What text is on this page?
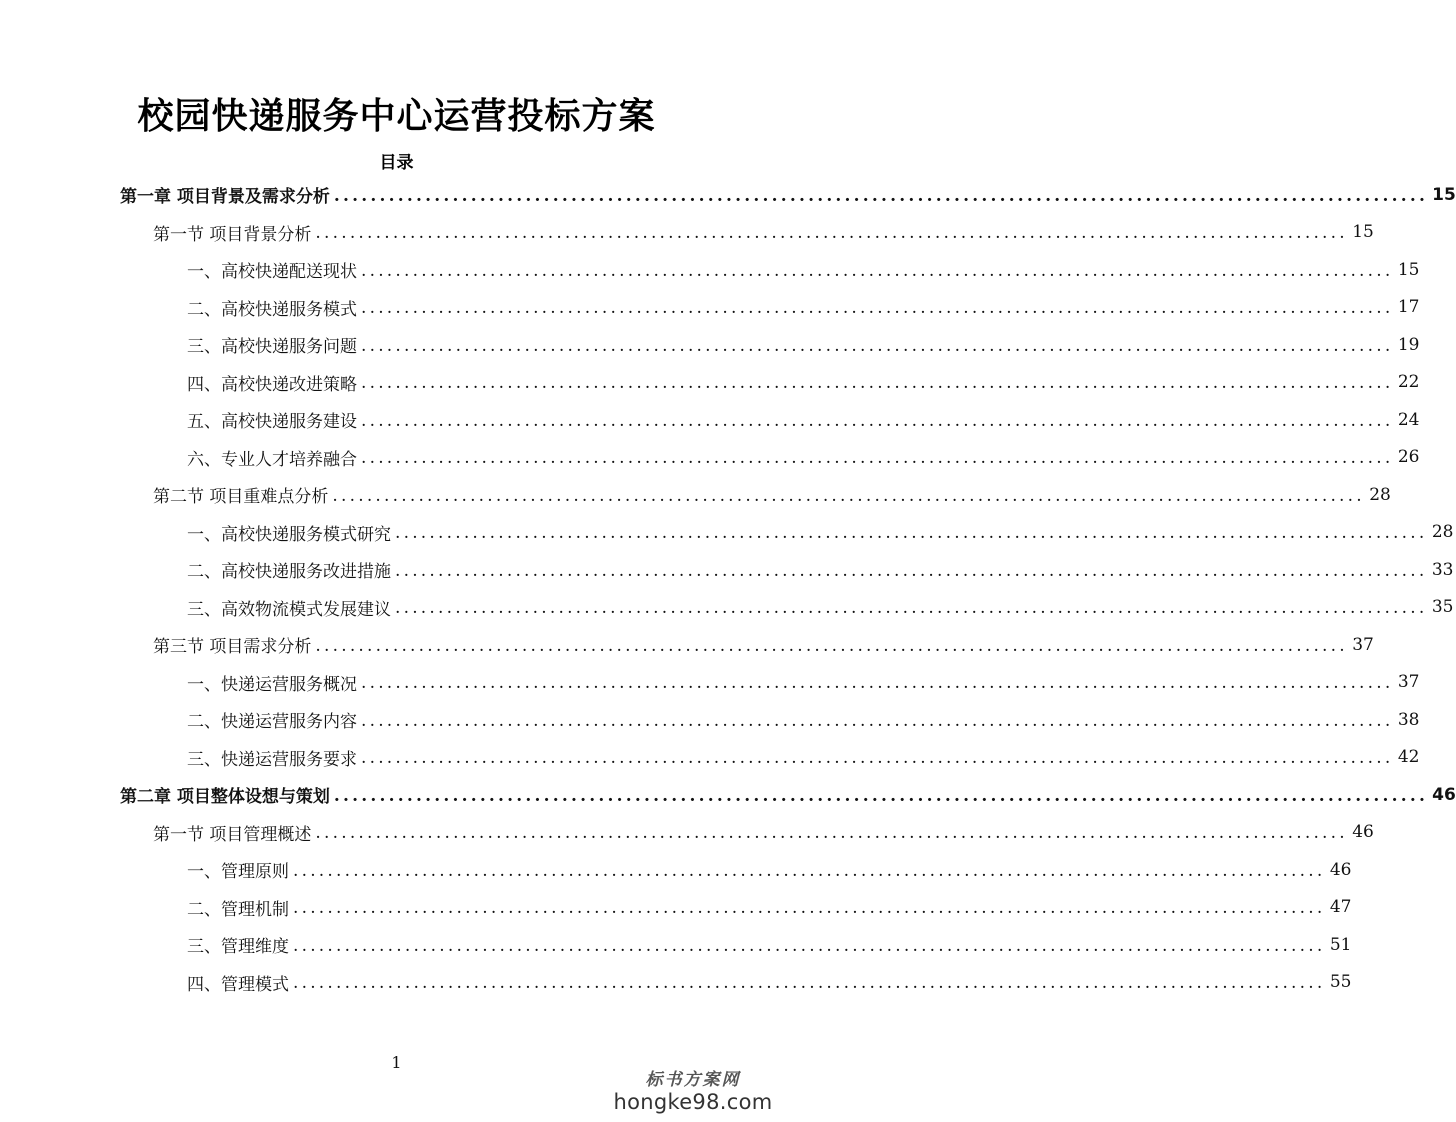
校园快递服务中心运营投标方案
目录
第一章 项目背景及需求分析 ........................................................................................................................ 15
第一节 项目背景分析 ........................................................................................................................ 15
一、高校快递配送现状 ........................................................................................................................ 15
二、高校快递服务模式 ........................................................................................................................ 17
三、高校快递服务问题 ........................................................................................................................ 19
四、高校快递改进策略 ........................................................................................................................ 22
五、高校快递服务建设 ........................................................................................................................ 24
六、专业人才培养融合 ........................................................................................................................ 26
第二节 项目重难点分析 ........................................................................................................................ 28
一、高校快递服务模式研究 ........................................................................................................................ 28
二、高校快递服务改进措施 ........................................................................................................................ 33
三、高效物流模式发展建议 ........................................................................................................................ 35
第三节 项目需求分析 ........................................................................................................................ 37
一、快递运营服务概况 ........................................................................................................................ 37
二、快递运营服务内容 ........................................................................................................................ 38
三、快递运营服务要求 ........................................................................................................................ 42
第二章 项目整体设想与策划 ........................................................................................................................ 46
第一节 项目管理概述 ........................................................................................................................ 46
一、管理原则 ........................................................................................................................ 46
二、管理机制 ........................................................................................................................ 47
三、管理维度 ........................................................................................................................ 51
四、管理模式 ........................................................................................................................ 55
1
标书方案网
hongke98.com
